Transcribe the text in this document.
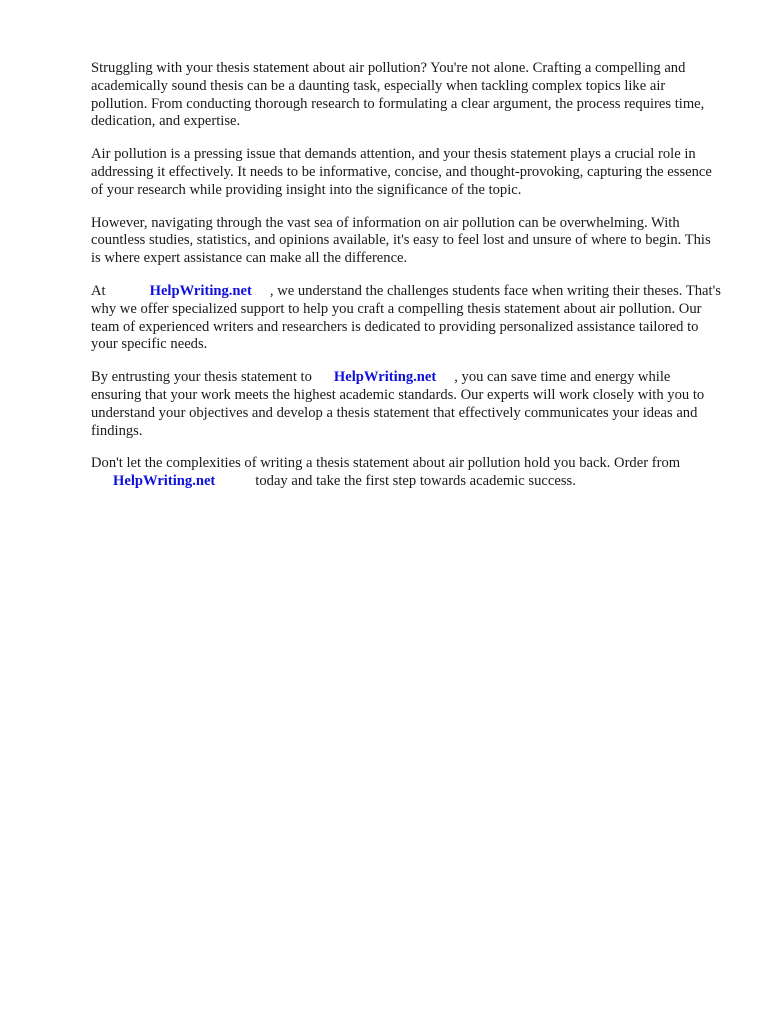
Struggling with your thesis statement about air pollution? You're not alone. Crafting a compelling and academically sound thesis can be a daunting task, especially when tackling complex topics like air pollution. From conducting thorough research to formulating a clear argument, the process requires time, dedication, and expertise.

Air pollution is a pressing issue that demands attention, and your thesis statement plays a crucial role in addressing it effectively. It needs to be informative, concise, and thought-provoking, capturing the essence of your research while providing insight into the significance of the topic.

However, navigating through the vast sea of information on air pollution can be overwhelming. With countless studies, statistics, and opinions available, it's easy to feel lost and unsure of where to begin. This is where expert assistance can make all the difference.

At	HelpWriting.net , we understand the challenges students face when writing their theses. That's why we offer specialized support to help you craft a compelling thesis statement about air pollution. Our team of experienced writers and researchers is dedicated to providing personalized assistance tailored to your specific needs.

By entrusting your thesis statement to HelpWriting.net , you can save time and energy while ensuring that your work meets the highest academic standards. Our experts will work closely with you to understand your objectives and develop a thesis statement that effectively communicates your ideas and findings.

Don't let the complexities of writing a thesis statement about air pollution hold you back. Order from
HelpWriting.net	today and take the first step towards academic success.
